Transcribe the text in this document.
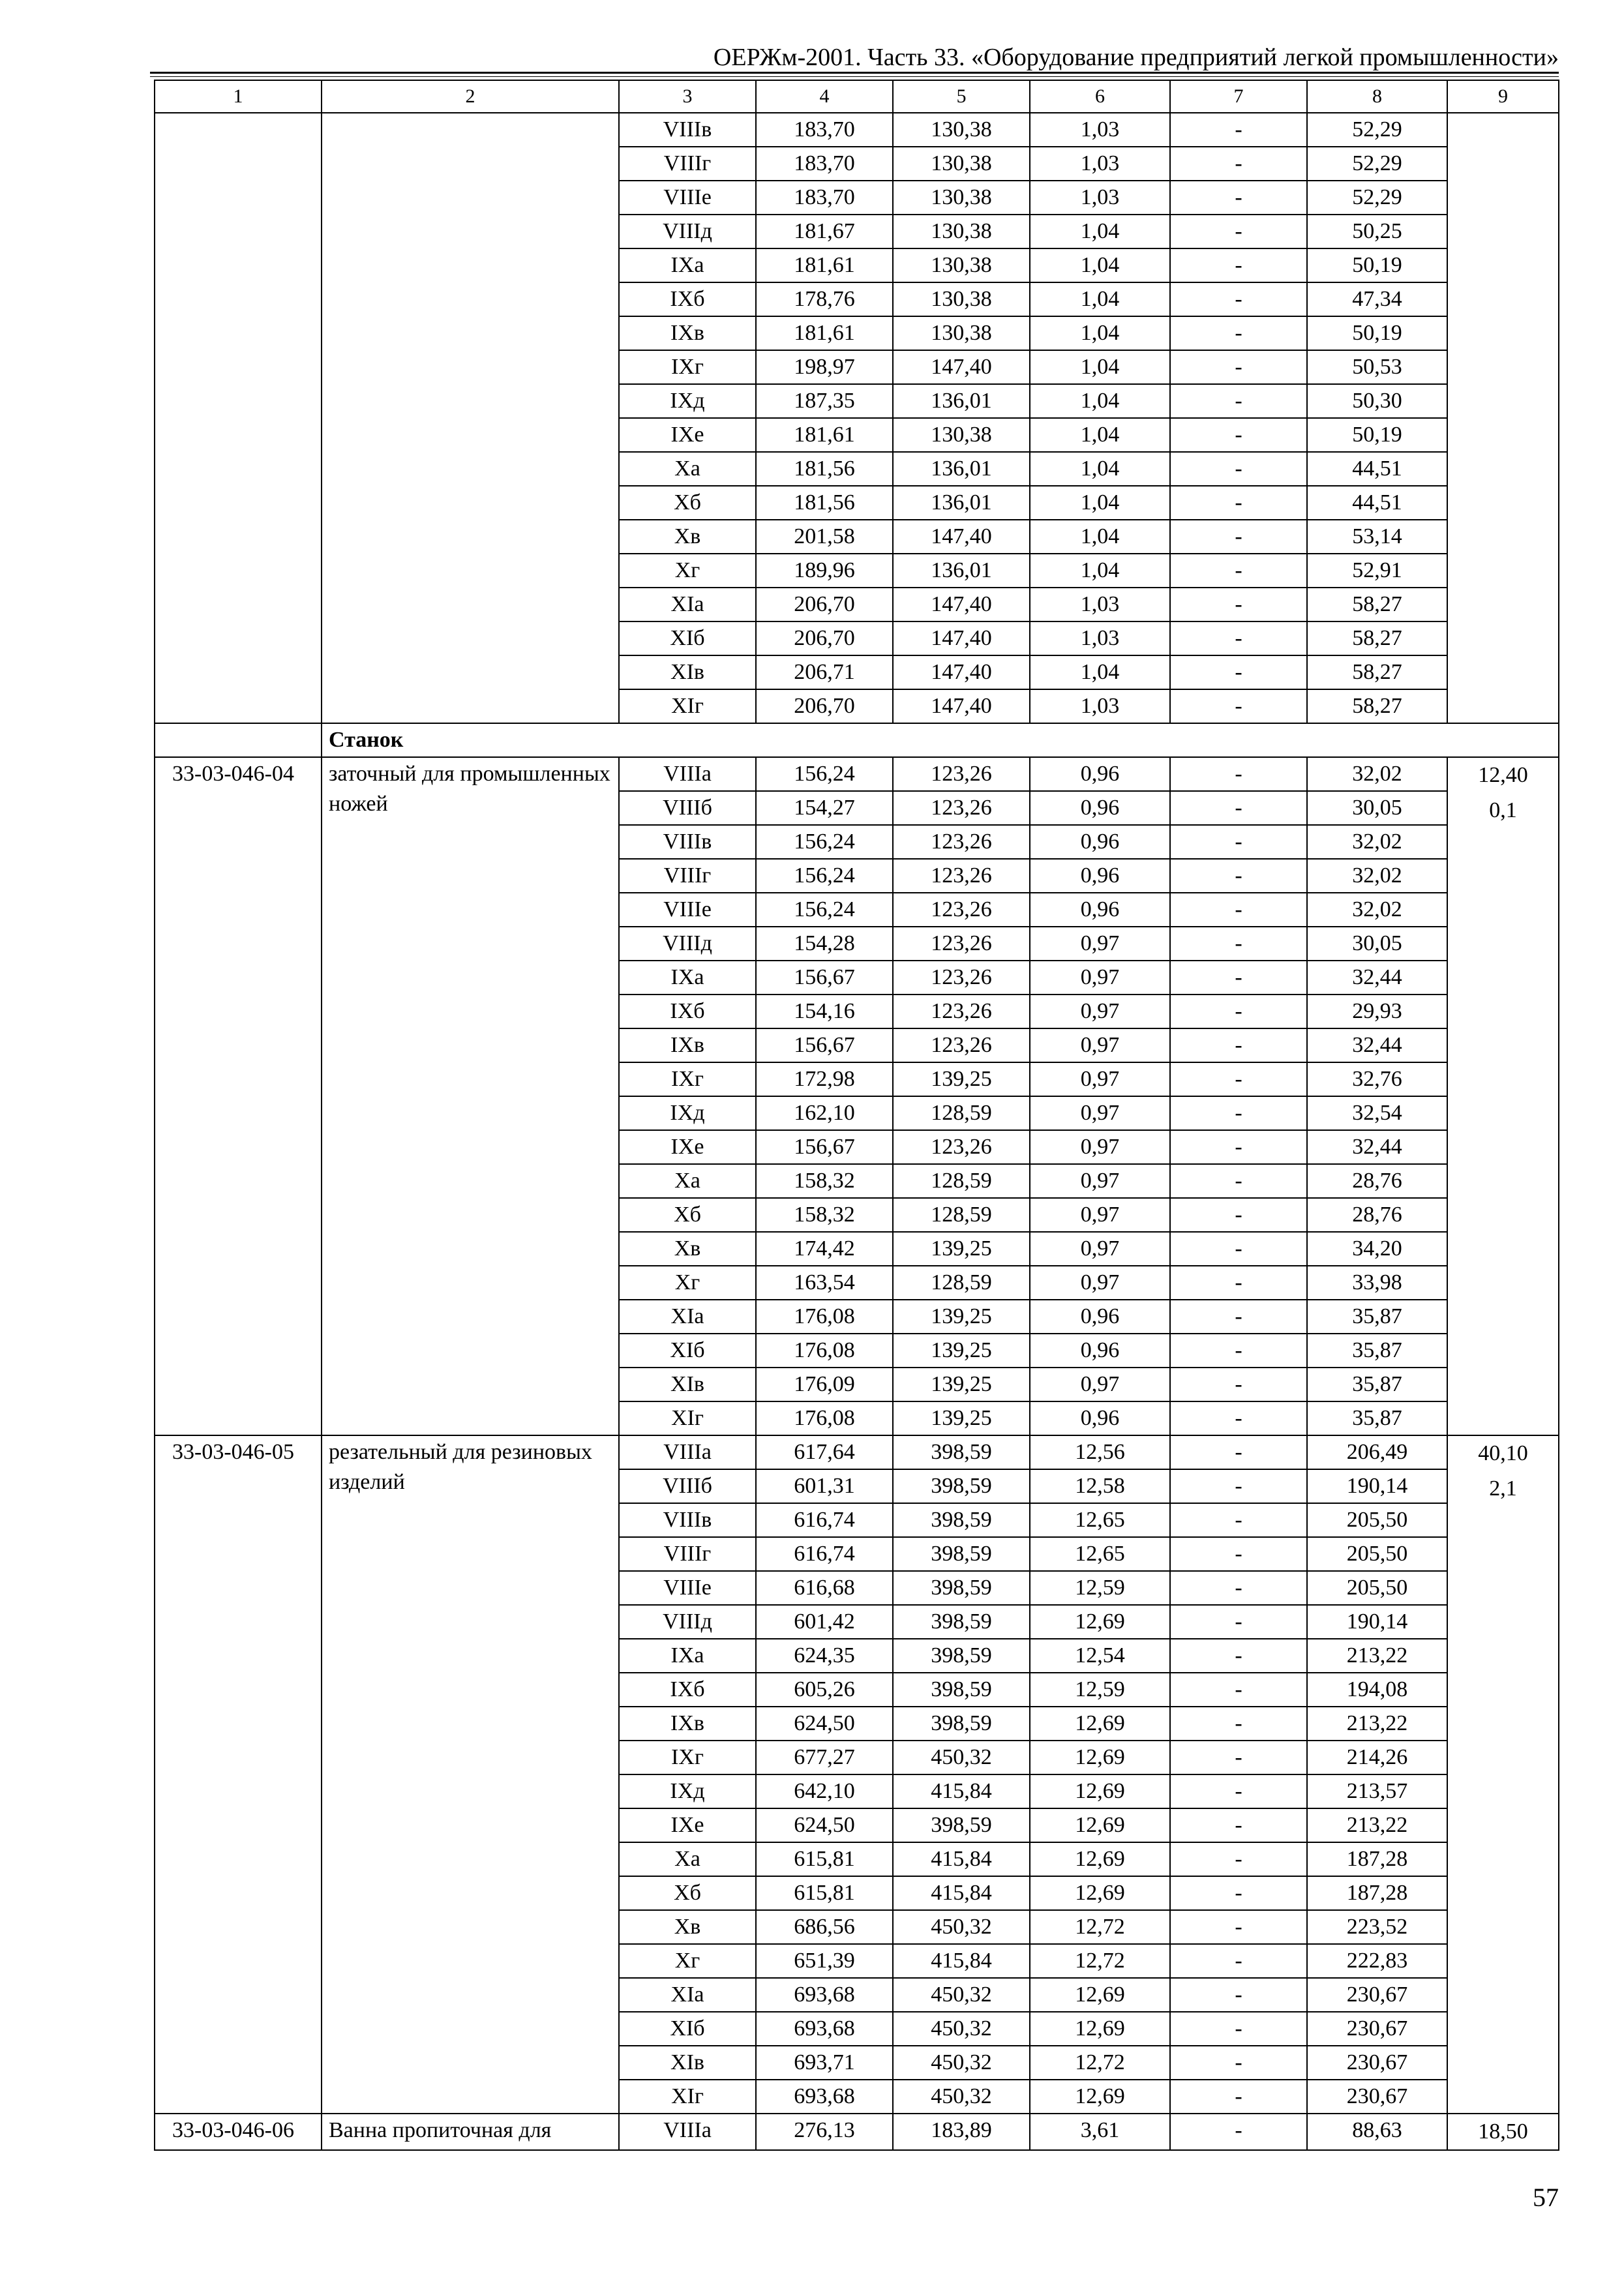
ОЕРЖм-2001. Часть 33. «Оборудование предприятий легкой промышленности»
1	2	3	4	5	6	7	8	9
		VIIIв	183,70	130,38	1,03	-	52,29	
		VIIIг	183,70	130,38	1,03	-	52,29	
		VIIIе	183,70	130,38	1,03	-	52,29	
		VIIIд	181,67	130,38	1,04	-	50,25	
		IXа	181,61	130,38	1,04	-	50,19	
		IXб	178,76	130,38	1,04	-	47,34	
		IXв	181,61	130,38	1,04	-	50,19	
		IXг	198,97	147,40	1,04	-	50,53	
		IXд	187,35	136,01	1,04	-	50,30	
		IXе	181,61	130,38	1,04	-	50,19	
		Xа	181,56	136,01	1,04	-	44,51	
		Xб	181,56	136,01	1,04	-	44,51	
		Xв	201,58	147,40	1,04	-	53,14	
		Xг	189,96	136,01	1,04	-	52,91	
		XIа	206,70	147,40	1,03	-	58,27	
		XIб	206,70	147,40	1,03	-	58,27	
		XIв	206,71	147,40	1,04	-	58,27	
		XIг	206,70	147,40	1,03	-	58,27	
	Станок							
33-03-046-04	заточный для промышленных ножей	VIIIа	156,24	123,26	0,96	-	32,02	12,40
0,1

		VIIIб	154,27	123,26	0,96	-	30,05	
		VIIIв	156,24	123,26	0,96	-	32,02	
		VIIIг	156,24	123,26	0,96	-	32,02	
		VIIIе	156,24	123,26	0,96	-	32,02	
		VIIIд	154,28	123,26	0,97	-	30,05	
		IXа	156,67	123,26	0,97	-	32,44	
		IXб	154,16	123,26	0,97	-	29,93	
		IXв	156,67	123,26	0,97	-	32,44	
		IXг	172,98	139,25	0,97	-	32,76	
		IXд	162,10	128,59	0,97	-	32,54	
		IXе	156,67	123,26	0,97	-	32,44	
		Xа	158,32	128,59	0,97	-	28,76	
		Xб	158,32	128,59	0,97	-	28,76	
		Xв	174,42	139,25	0,97	-	34,20	
		Xг	163,54	128,59	0,97	-	33,98	
		XIа	176,08	139,25	0,96	-	35,87	
		XIб	176,08	139,25	0,96	-	35,87	
		XIв	176,09	139,25	0,97	-	35,87	
		XIг	176,08	139,25	0,96	-	35,87	
33-03-046-05	резательный для резиновых изделий	VIIIа	617,64	398,59	12,56	-	206,49	40,10
2,1

		VIIIб	601,31	398,59	12,58	-	190,14	
		VIIIв	616,74	398,59	12,65	-	205,50	
		VIIIг	616,74	398,59	12,65	-	205,50	
		VIIIе	616,68	398,59	12,59	-	205,50	
		VIIIд	601,42	398,59	12,69	-	190,14	
		IXа	624,35	398,59	12,54	-	213,22	
		IXб	605,26	398,59	12,59	-	194,08	
		IXв	624,50	398,59	12,69	-	213,22	
		IXг	677,27	450,32	12,69	-	214,26	
		IXд	642,10	415,84	12,69	-	213,57	
		IXе	624,50	398,59	12,69	-	213,22	
		Xа	615,81	415,84	12,69	-	187,28	
		Xб	615,81	415,84	12,69	-	187,28	
		Xв	686,56	450,32	12,72	-	223,52	
		Xг	651,39	415,84	12,72	-	222,83	
		XIа	693,68	450,32	12,69	-	230,67	
		XIб	693,68	450,32	12,69	-	230,67	
		XIв	693,71	450,32	12,72	-	230,67	
		XIг	693,68	450,32	12,69	-	230,67	
33-03-046-06	Ванна пропиточная для	VIIIа	276,13	183,89	3,61	-	88,63	18,50
57
